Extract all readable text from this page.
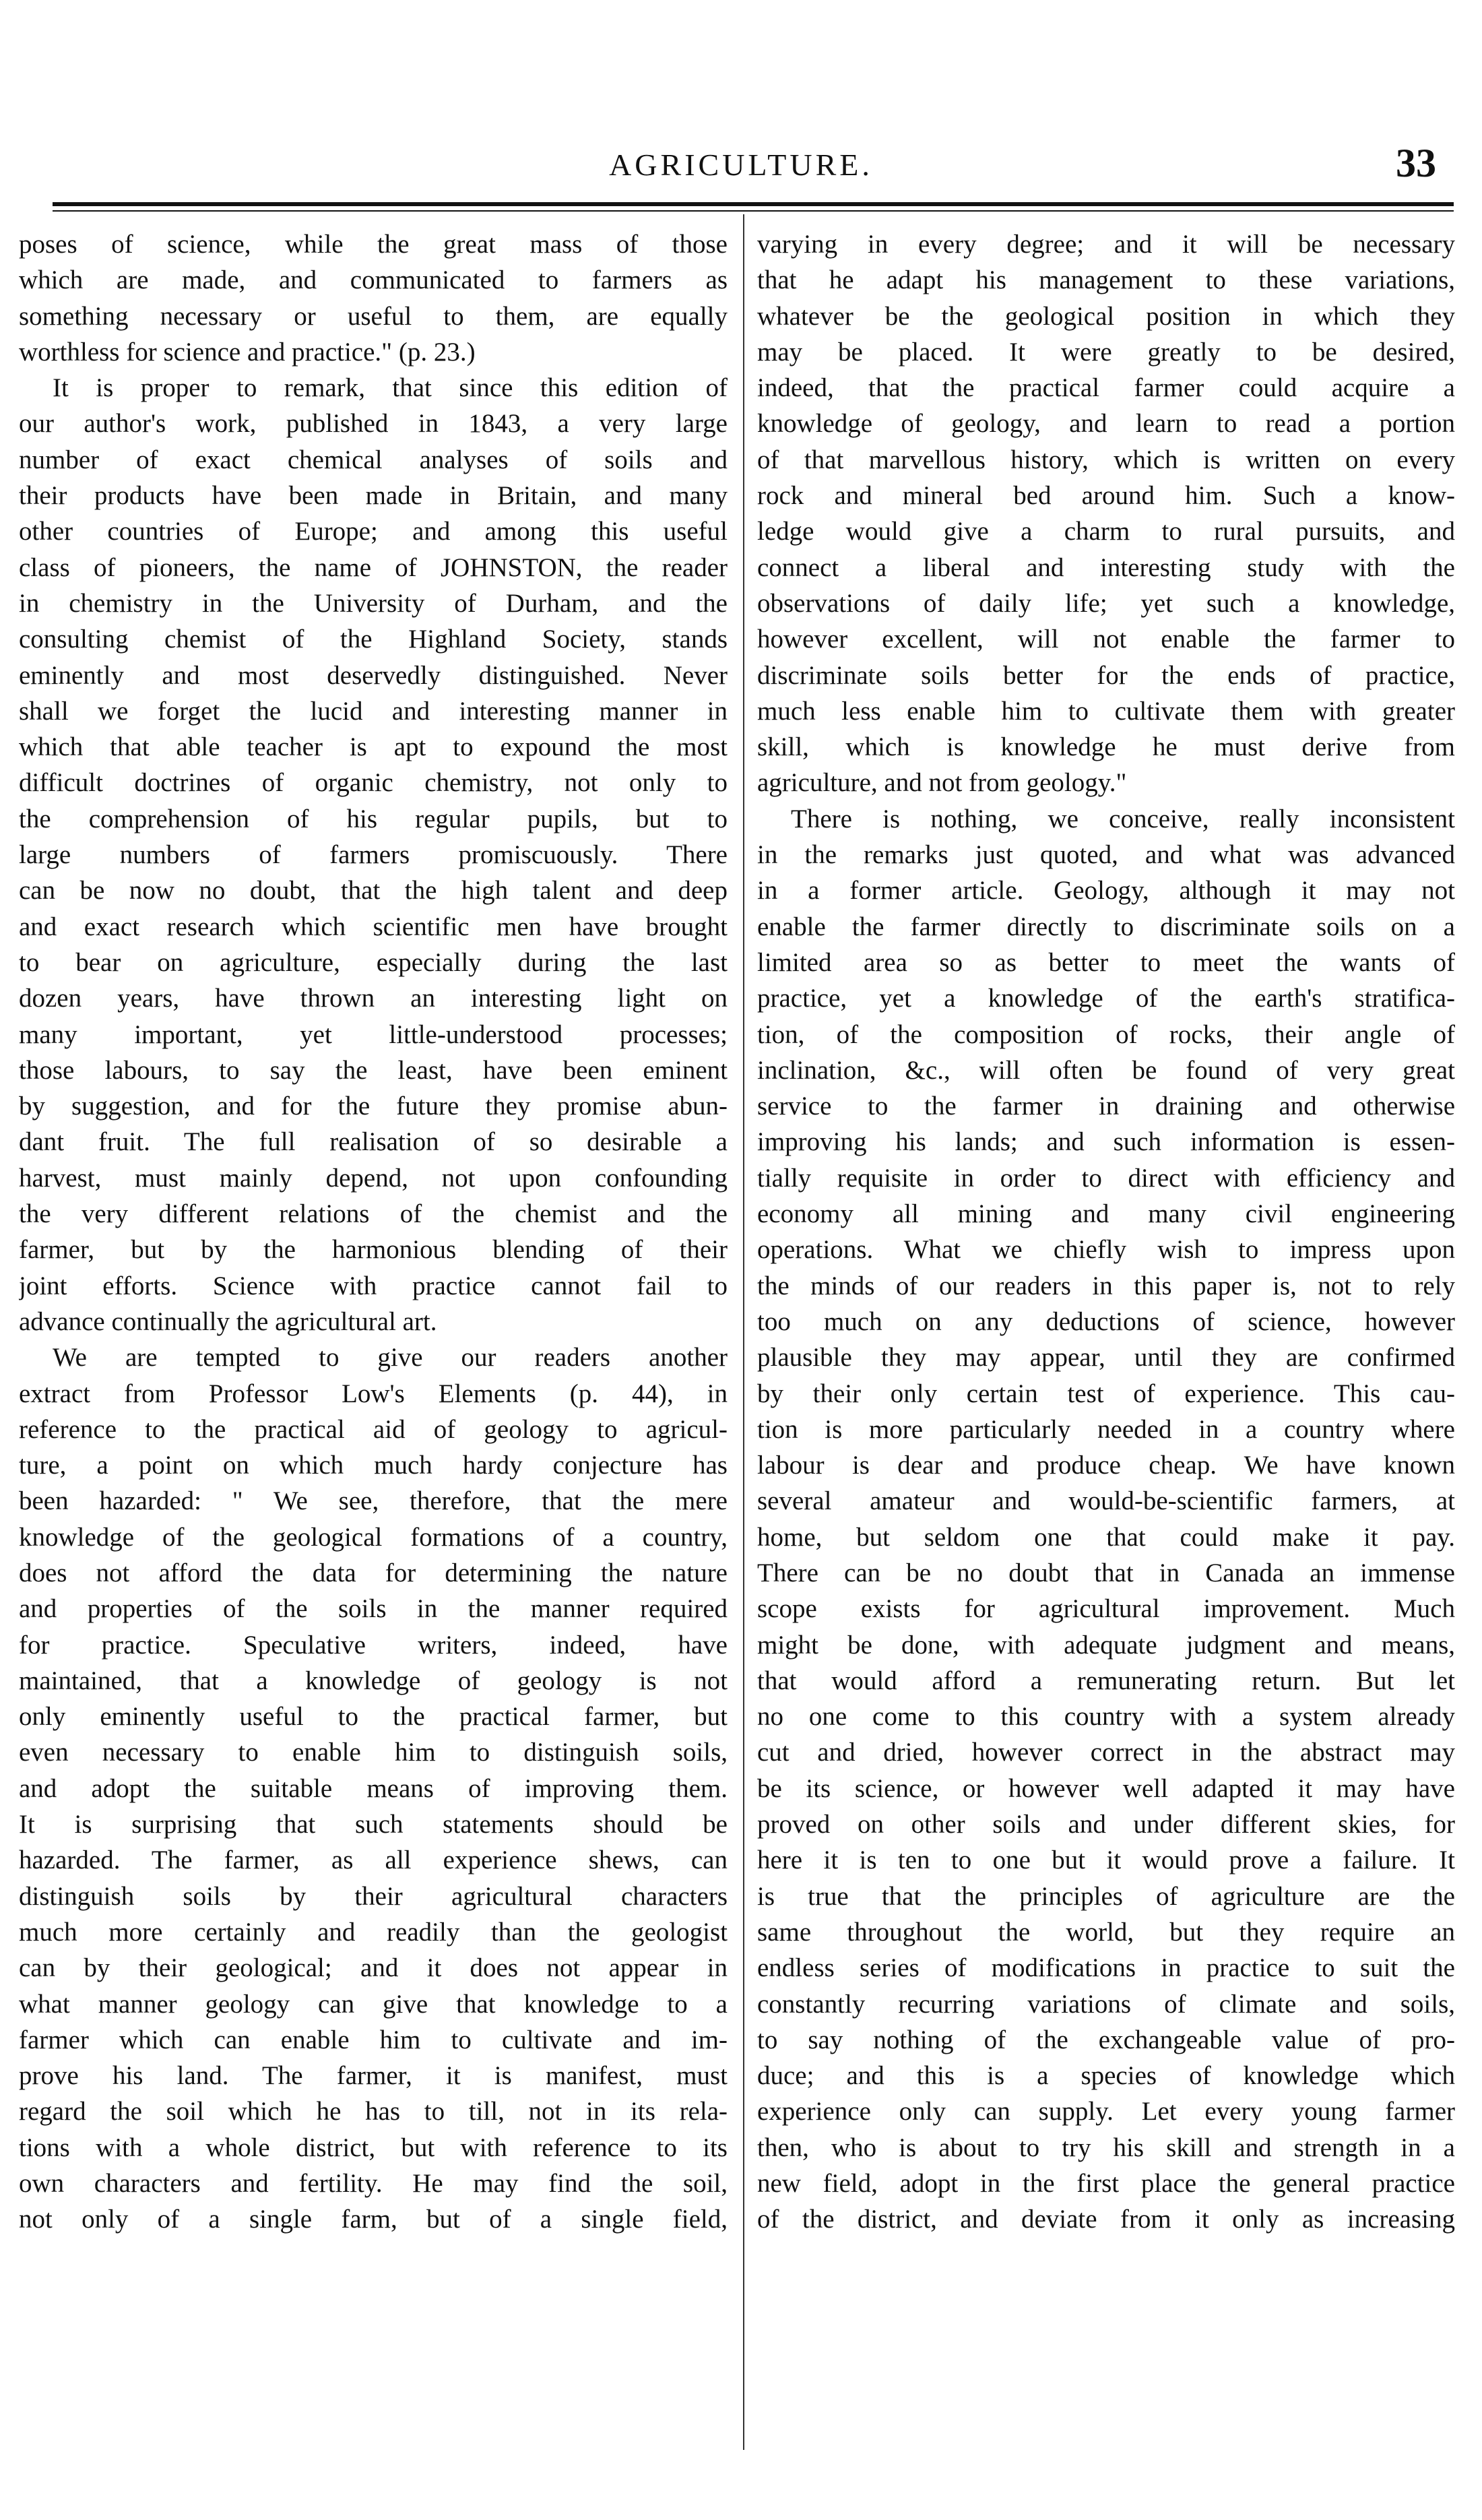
AGRICULTURE.	33
poses of science, while the great mass of those
which are made, and communicated to farmers as
something necessary or useful to them, are equally
worthless for science and practice." (p. 23.)
It is proper to remark, that since this edition of
our author's work, published in 1843, a very large
number of exact chemical analyses of soils and
their products have been made in Britain, and many
other countries of Europe; and among this useful
class of pioneers, the name of JOHNSTON, the reader
in chemistry in the University of Durham, and the
consulting chemist of the Highland Society, stands
eminently and most deservedly distinguished. Never
shall we forget the lucid and interesting manner in
which that able teacher is apt to expound the most
difficult doctrines of organic chemistry, not only to
the comprehension of his regular pupils, but to
large numbers of farmers promiscuously. There
can be now no doubt, that the high talent and deep
and exact research which scientific men have brought
to bear on agriculture, especially during the last
dozen years, have thrown an interesting light on
many important, yet little-understood processes;
those labours, to say the least, have been eminent
by suggestion, and for the future they promise abun-
dant fruit. The full realisation of so desirable a
harvest, must mainly depend, not upon confounding
the very different relations of the chemist and the
farmer, but by the harmonious blending of their
joint efforts. Science with practice cannot fail to
advance continually the agricultural art.
We are tempted to give our readers another
extract from Professor Low's Elements (p. 44), in
reference to the practical aid of geology to agricul-
ture, a point on which much hardy conjecture has
been hazarded: " We see, therefore, that the mere
knowledge of the geological formations of a country,
does not afford the data for determining the nature
and properties of the soils in the manner required
for practice. Speculative writers, indeed, have
maintained, that a knowledge of geology is not
only eminently useful to the practical farmer, but
even necessary to enable him to distinguish soils,
and adopt the suitable means of improving them.
It is surprising that such statements should be
hazarded. The farmer, as all experience shews, can
distinguish soils by their agricultural characters
much more certainly and readily than the geologist
can by their geological; and it does not appear in
what manner geology can give that knowledge to a
farmer which can enable him to cultivate and im-
prove his land. The farmer, it is manifest, must
regard the soil which he has to till, not in its rela-
tions with a whole district, but with reference to its
own characters and fertility. He may find the soil,
not only of a single farm, but of a single field,
varying in every degree; and it will be necessary
that he adapt his management to these variations,
whatever be the geological position in which they
may be placed. It were greatly to be desired,
indeed, that the practical farmer could acquire a
knowledge of geology, and learn to read a portion
of that marvellous history, which is written on every
rock and mineral bed around him. Such a know-
ledge would give a charm to rural pursuits, and
connect a liberal and interesting study with the
observations of daily life; yet such a knowledge,
however excellent, will not enable the farmer to
discriminate soils better for the ends of practice,
much less enable him to cultivate them with greater
skill, which is knowledge he must derive from
agriculture, and not from geology."
There is nothing, we conceive, really inconsistent
in the remarks just quoted, and what was advanced
in a former article. Geology, although it may not
enable the farmer directly to discriminate soils on a
limited area so as better to meet the wants of
practice, yet a knowledge of the earth's stratifica-
tion, of the composition of rocks, their angle of
inclination, &c., will often be found of very great
service to the farmer in draining and otherwise
improving his lands; and such information is essen-
tially requisite in order to direct with efficiency and
economy all mining and many civil engineering
operations. What we chiefly wish to impress upon
the minds of our readers in this paper is, not to rely
too much on any deductions of science, however
plausible they may appear, until they are confirmed
by their only certain test of experience. This cau-
tion is more particularly needed in a country where
labour is dear and produce cheap. We have known
several amateur and would-be-scientific farmers, at
home, but seldom one that could make it pay.
There can be no doubt that in Canada an immense
scope exists for agricultural improvement. Much
might be done, with adequate judgment and means,
that would afford a remunerating return. But let
no one come to this country with a system already
cut and dried, however correct in the abstract may
be its science, or however well adapted it may have
proved on other soils and under different skies, for
here it is ten to one but it would prove a failure. It
is true that the principles of agriculture are the
same throughout the world, but they require an
endless series of modifications in practice to suit the
constantly recurring variations of climate and soils,
to say nothing of the exchangeable value of pro-
duce; and this is a species of knowledge which
experience only can supply. Let every young farmer
then, who is about to try his skill and strength in a
new field, adopt in the first place the general practice
of the district, and deviate from it only as increasing
